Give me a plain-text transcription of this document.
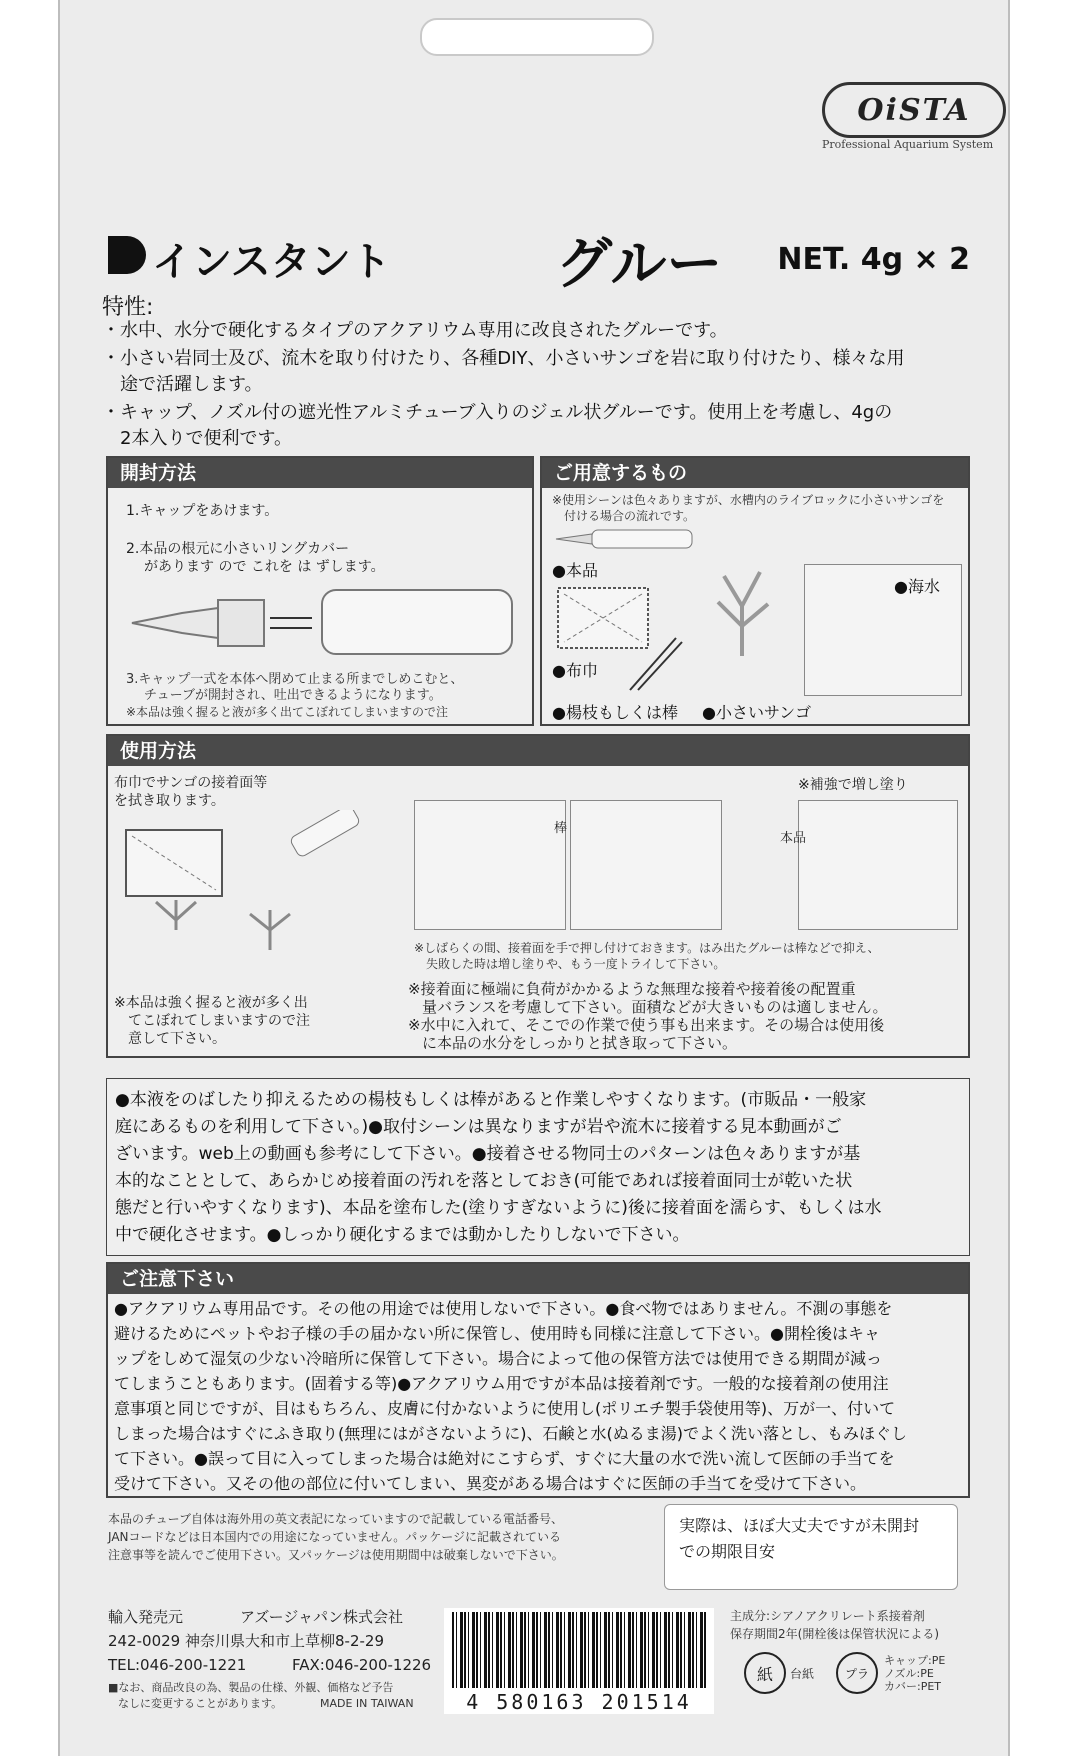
OiSTA
Professional Aquarium System
インスタント	グルー NET. 4g × 2
特性:
・水中、水分で硬化するタイプのアクアリウム専用に改良されたグルーです。
・小さい岩同士及び、流木を取り付けたり、各種DIY、小さいサンゴを岩に取り付けたり、様々な用
　途で活躍します。
・キャップ、ノズル付の遮光性アルミチューブ入りのジェル状グルーです。使用上を考慮し、4gの
　2本入りで便利です。
開封方法
1.キャップをあけます。
2.本品の根元に小さいリングカバー
があります ので これを は ずします。
3.キャップ一式を本体へ閉めて止まる所までしめこむと、
チューブが開封され、吐出できるようになります。
※本品は強く握ると液が多く出てこぼれてしまいますので注
ご用意するもの
※使用シーンは色々ありますが、水槽内のライブロックに小さいサンゴを
付ける場合の流れです。
●本品
●海水
●布巾
●楊枝もしくは棒 ●小さいサンゴ
使用方法
布巾でサンゴの接着面等
を拭き取ります。
※補強で増し塗り
棒
本品
※しばらくの間、接着面を手で押し付けておきます。はみ出たグルーは棒などで抑え、
失敗した時は増し塗りや、もう一度トライして下さい。
※本品は強く握ると液が多く出
てこぼれてしまいますので注
意して下さい。
※接着面に極端に負荷がかかるような無理な接着や接着後の配置重
量バランスを考慮して下さい。面積などが大きいものは適しません。
※水中に入れて、そこでの作業で使う事も出来ます。その場合は使用後
に本品の水分をしっかりと拭き取って下さい。
●本液をのばしたり抑えるための楊枝もしくは棒があると作業しやすくなります。(市販品・一般家
庭にあるものを利用して下さい。)●取付シーンは異なりますが岩や流木に接着する見本動画がご
ざいます。web上の動画も参考にして下さい。●接着させる物同士のパターンは色々ありますが基
本的なこととして、あらかじめ接着面の汚れを落としておき(可能であれば接着面同士が乾いた状
態だと行いやすくなります)、本品を塗布した(塗りすぎないように)後に接着面を濡らす、もしくは水
中で硬化させます。●しっかり硬化するまでは動かしたりしないで下さい。
ご注意下さい
●アクアリウム専用品です。その他の用途では使用しないで下さい。●食べ物ではありません。不測の事態を
避けるためにペットやお子様の手の届かない所に保管し、使用時も同様に注意して下さい。●開栓後はキャ
ップをしめて湿気の少ない冷暗所に保管して下さい。場合によって他の保管方法では使用できる期間が減っ
てしまうこともあります。(固着する等)●アクアリウム用ですが本品は接着剤です。一般的な接着剤の使用注
意事項と同じですが、目はもちろん、皮膚に付かないように使用し(ポリエチ製手袋使用等)、万が一、付いて
しまった場合はすぐにふき取り(無理にはがさないように)、石鹸と水(ぬるま湯)でよく洗い落とし、もみほぐし
て下さい。●誤って目に入ってしまった場合は絶対にこすらず、すぐに大量の水で洗い流して医師の手当てを
受けて下さい。又その他の部位に付いてしまい、異変がある場合はすぐに医師の手当てを受けて下さい。
本品のチューブ自体は海外用の英文表記になっていますので記載している電話番号、
JANコードなどは日本国内での用途になっていません。パッケージに記載されている
注意事等を読んでご使用下さい。又パッケージは使用期間中は破棄しないで下さい。
実際は、ほぼ大丈夫ですが未開封
での期限目安
輸入発売元	アズージャパン株式会社
242-0029 神奈川県大和市上草柳8-2-29
TEL:046-200-1221	FAX:046-200-1226
■なお、商品改良の為、製品の仕様、外観、価格など予告
なしに変更することがあります。	MADE IN TAIWAN	4 580163 201514
主成分:シアノアクリレート系接着剤
保存期間2年(開栓後は保管状況による)
紙	台紙	プラ
キャップ:PE
ノズル:PE
カバー:PET
